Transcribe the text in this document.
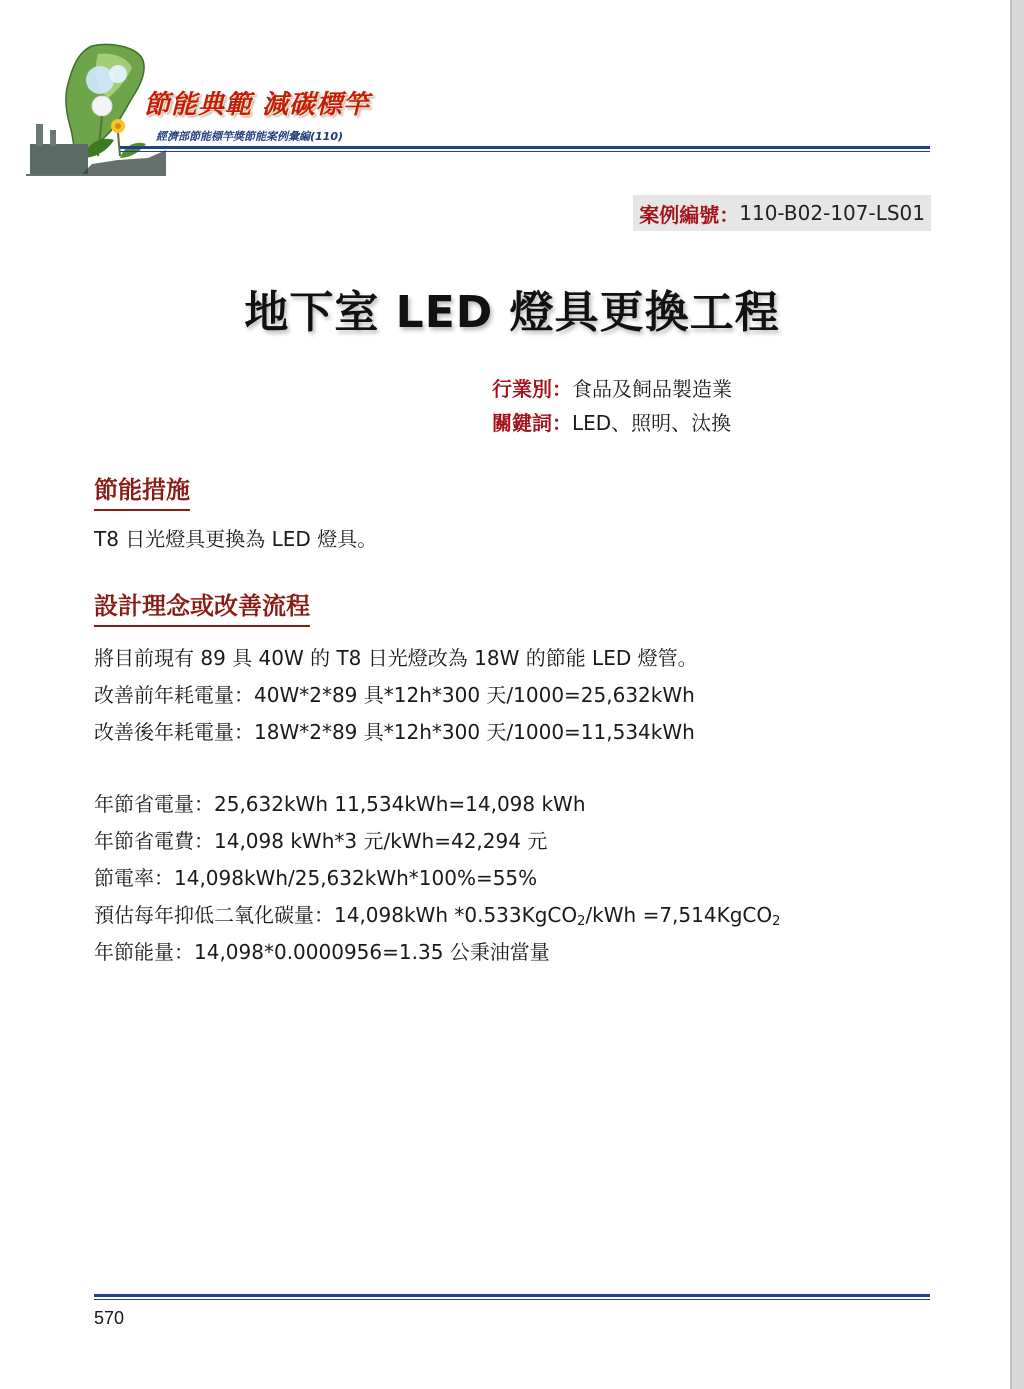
節能典範 減碳標竿
經濟部節能標竿獎節能案例彙編(110)
案例編號： 110-B02-107-LS01
地下室 LED 燈具更換工程
行業別：食品及飼品製造業
關鍵詞：LED、照明、汰換
節能措施
T8 日光燈具更換為 LED 燈具。
設計理念或改善流程
將目前現有 89 具 40W 的 T8 日光燈改為 18W 的節能 LED 燈管。
改善前年耗電量：40W*2*89 具*12h*300 天/1000=25,632kWh
改善後年耗電量：18W*2*89 具*12h*300 天/1000=11,534kWh
年節省電量：25,632kWh 11,534kWh=14,098 kWh
年節省電費：14,098 kWh*3 元/kWh=42,294 元
節電率：14,098kWh/25,632kWh*100%=55%
預估每年抑低二氧化碳量：14,098kWh *0.533KgCO$_2$/kWh =7,514KgCO$_2$
年節能量：14,098*0.0000956=1.35 公秉油當量
570
